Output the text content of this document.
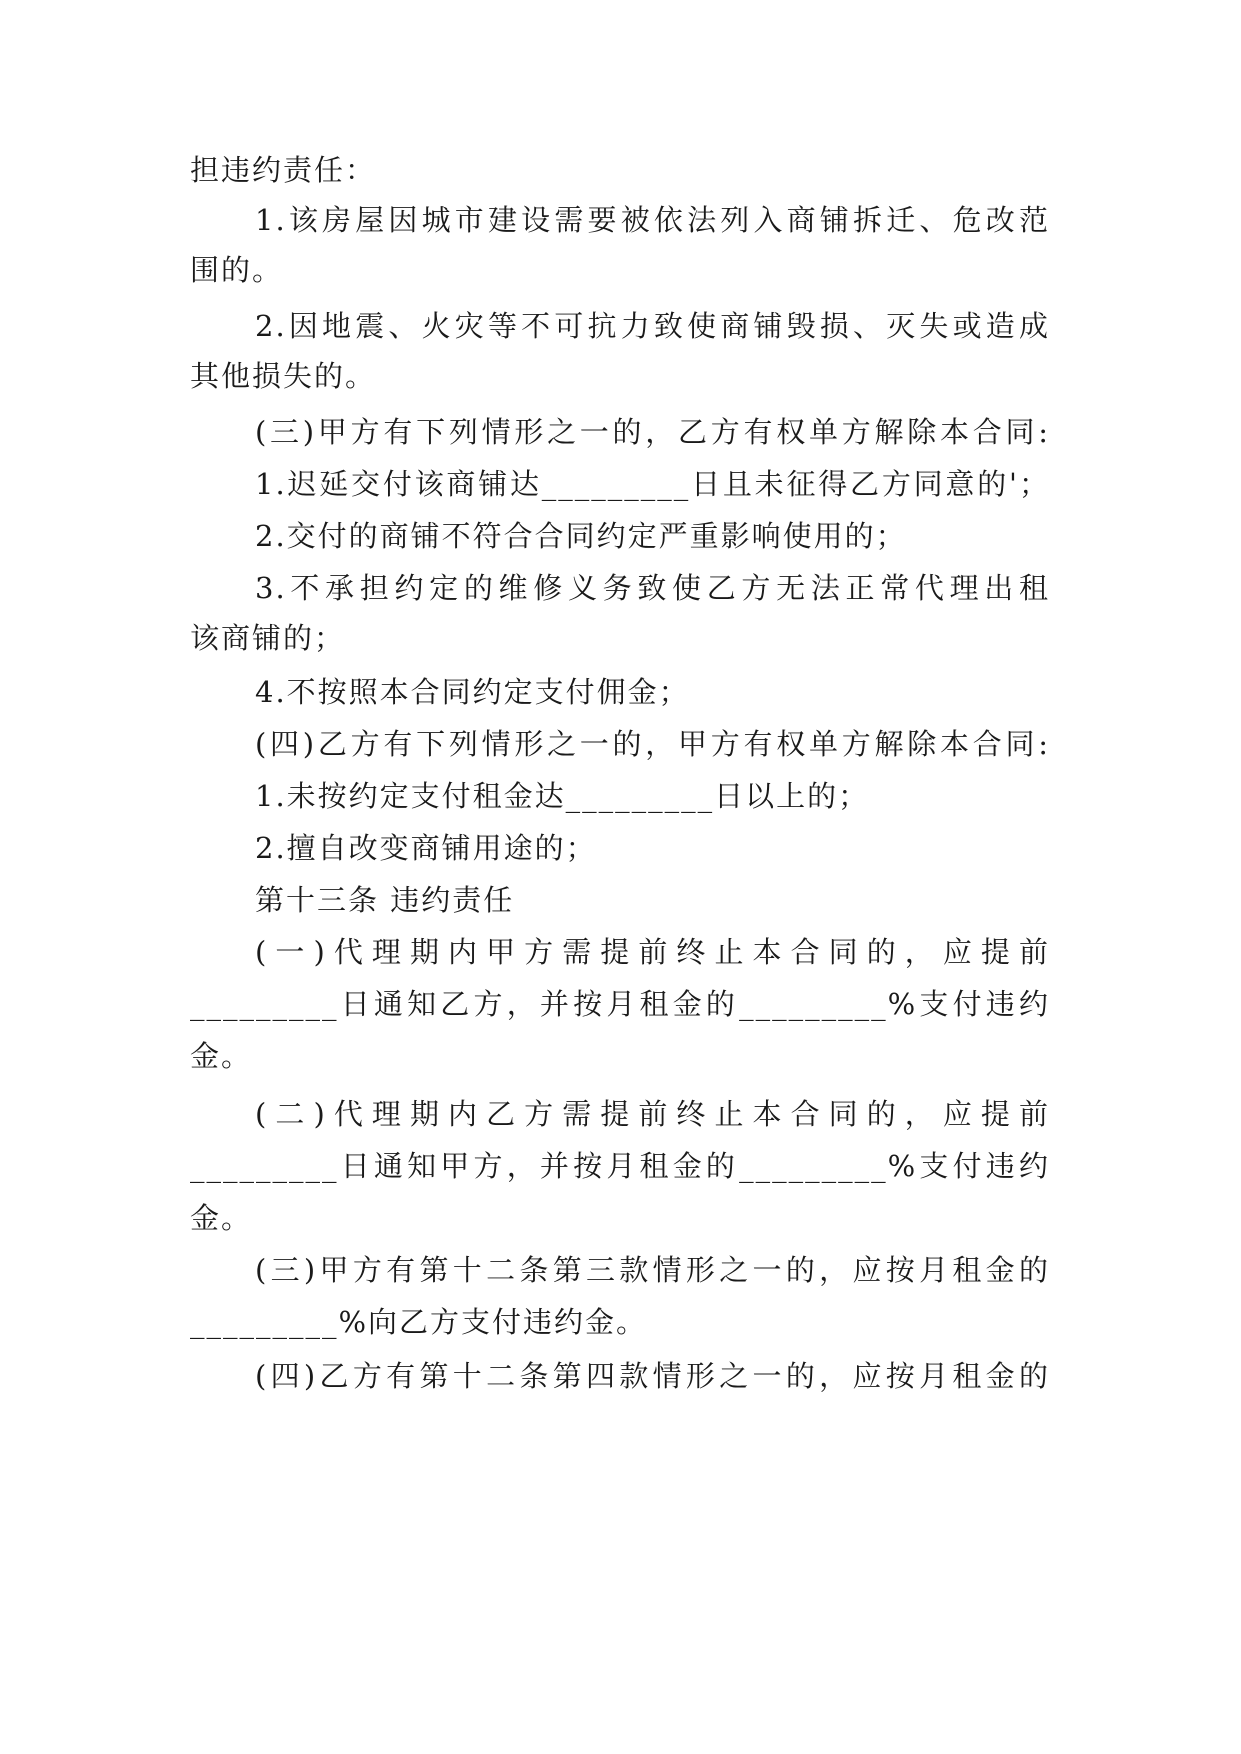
担违约责任：
1.该房屋因城市建设需要被依法列入商铺拆迁、危改范
围的。
2.因地震、火灾等不可抗力致使商铺毁损、灭失或造成
其他损失的。
(三)甲方有下列情形之一的，乙方有权单方解除本合同:
1.迟延交付该商铺达_________日且未征得乙方同意的'；
2.交付的商铺不符合合同约定严重影响使用的；
3.不承担约定的维修义务致使乙方无法正常代理出租
该商铺的；
4.不按照本合同约定支付佣金；
(四)乙方有下列情形之一的，甲方有权单方解除本合同:
1.未按约定支付租金达_________日以上的；
2.擅自改变商铺用途的；
第十三条 违约责任
(一)代理期内甲方需提前终止本合同的，应提前
_________日通知乙方，并按月租金的_________%支付违约
金。
(二)代理期内乙方需提前终止本合同的，应提前
_________日通知甲方，并按月租金的_________%支付违约
金。
(三)甲方有第十二条第三款情形之一的，应按月租金的
_________%向乙方支付违约金。
(四)乙方有第十二条第四款情形之一的，应按月租金的
